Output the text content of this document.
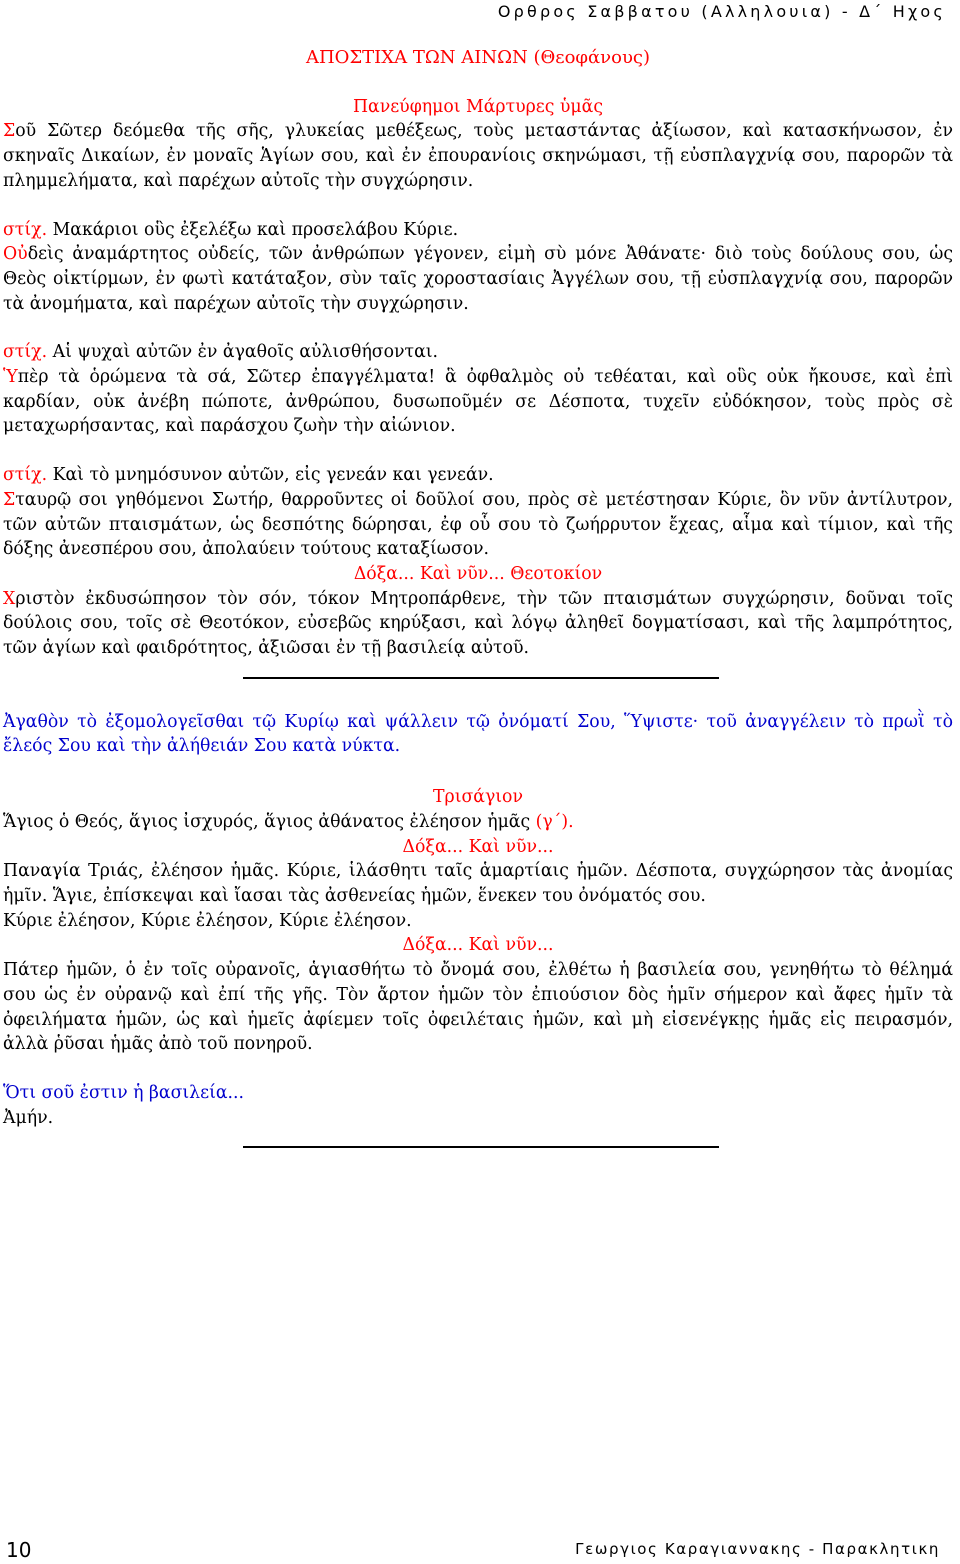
Ορθρος Σαββατου (Αλληλουια) - Δ΄ Ηχος
ΑΠΟΣΤΙΧΑ ΤΩΝ ΑΙΝΩΝ (Θεοφάνους)

Πανεύφημοι Μάρτυρες ὑμᾶς

Σοῦ Σῶτερ δεόμεθα τῆς σῆς, γλυκείας μεθέξεως, τοὺς μεταστάντας ἀξίωσον, καὶ κατασκήνωσον, ἐν σκηναῖς Δικαίων, ἐν μοναῖς Ἁγίων σου, καὶ ἐν ἐπουρανίοις σκηνώμασι, τῇ εὐσπλαγχνίᾳ σου, παρορῶν τὰ πλημμελήματα, καὶ παρέχων αὐτοῖς τὴν συγχώρησιν.

στίχ. Μακάριοι οὓς ἐξελέξω καὶ προσελάβου Κύριε.

Οὐδεὶς ἀναμάρτητος οὐδείς, τῶν ἀνθρώπων γέγονεν, εἰμὴ σὺ μόνε Ἀθάνατε· διὸ τοὺς δούλους σου, ὡς Θεὸς οἰκτίρμων, ἐν φωτὶ κατάταξον, σὺν ταῖς χοροστασίαις Ἀγγέλων σου, τῇ εὐσπλαγχνίᾳ σου, παρορῶν τὰ ἀνομήματα, καὶ παρέχων αὐτοῖς τὴν συγχώρησιν.

στίχ. Αἱ ψυχαὶ αὐτῶν ἐν ἀγαθοῖς αὐλισθήσονται.

Ὑπὲρ τὰ ὁρώμενα τὰ σά, Σῶτερ ἐπαγγέλματα! ἃ ὀφθαλμὸς οὐ τεθέαται, καὶ οὓς οὐκ ἤκουσε, καὶ ἐπὶ καρδίαν, οὐκ ἀνέβη πώποτε, ἀνθρώπου, δυσωποῦμέν σε Δέσποτα, τυχεῖν εὐδόκησον, τοὺς πρὸς σὲ μεταχωρήσαντας, καὶ παράσχου ζωὴν τὴν αἰώνιον.

στίχ. Καὶ τὸ μνημόσυνον αὐτῶν, εἰς γενεάν και γενεάν.

Σταυρῷ σοι γηθόμενοι Σωτήρ, θαρροῦντες οἱ δοῦλοί σου, πρὸς σὲ μετέστησαν Κύριε, ὃν νῦν ἀντίλυτρον, τῶν αὐτῶν πταισμάτων, ὡς δεσπότης δώρησαι, ἐφ οὗ σου τὸ ζωήρρυτον ἔχεας, αἷμα καὶ τίμιον, καὶ τῆς δόξης ἀνεσπέρου σου, ἀπολαύειν τούτους καταξίωσον.

Δόξα... Καὶ νῦν... Θεοτοκίον

Χριστὸν ἐκδυσώπησον τὸν σόν, τόκον Μητροπάρθενε, τὴν τῶν πταισμάτων συγχώρησιν, δοῦναι τοῖς δούλοις σου, τοῖς σὲ Θεοτόκον, εὐσεβῶς κηρύξασι, καὶ λόγῳ ἀληθεῖ δογματίσασι, καὶ τῆς λαμπρότητος, τῶν ἁγίων καὶ φαιδρότητος, ἀξιῶσαι ἐν τῇ βασιλείᾳ αὐτοῦ.

Ἀγαθὸν τὸ ἐξομολογεῖσθαι τῷ Κυρίῳ καὶ ψάλλειν τῷ ὀνόματί Σου, Ὕψιστε· τοῦ ἀναγγέλειν τὸ πρωῒ τὸ ἔλεός Σου καὶ τὴν ἀλήθειάν Σου κατὰ νύκτα.

Τρισάγιον

Ἅγιος ὁ Θεός, ἅγιος ἰσχυρός, ἅγιος ἀθάνατος ἐλέησον ἡμᾶς (γ΄).

Δόξα... Καὶ νῦν...

Παναγία Τριάς, ἐλέησον ἡμᾶς. Κύριε, ἱλάσθητι ταῖς ἁμαρτίαις ἡμῶν. Δέσποτα, συγχώρησον τὰς ἀνομίας ἡμῖν. Ἅγιε, ἐπίσκεψαι καὶ ἴασαι τὰς ἀσθενείας ἡμῶν, ἕνεκεν του ὀνόματός σου.

Κύριε ἐλέησον, Κύριε ἐλέησον, Κύριε ἐλέησον.

Δόξα... Καὶ νῦν...

Πάτερ ἡμῶν, ὁ ἐν τοῖς οὐρανοῖς, ἁγιασθήτω τὸ ὄνομά σου, ἐλθέτω ἡ βασιλεία σου, γενηθήτω τὸ θέλημά σου ὡς ἐν οὐρανῷ καὶ ἐπί τῆς γῆς. Τὸν ἄρτον ἡμῶν τὸν ἐπιούσιον δὸς ἡμῖν σήμερον καὶ ἄφες ἡμῖν τὰ ὀφειλήματα ἡμῶν, ὡς καὶ ἡμεῖς ἀφίεμεν τοῖς ὀφειλέταις ἡμῶν, καὶ μὴ εἰσενέγκῃς ἡμᾶς εἰς πειρασμόν, ἀλλὰ ῥῦσαι ἡμᾶς ἀπὸ τοῦ πονηροῦ.

Ὅτι σοῦ ἐστιν ἡ βασιλεία...

Ἀμήν.

10	Γεωργιος Καραγιαννακης - Παρακλητικη
